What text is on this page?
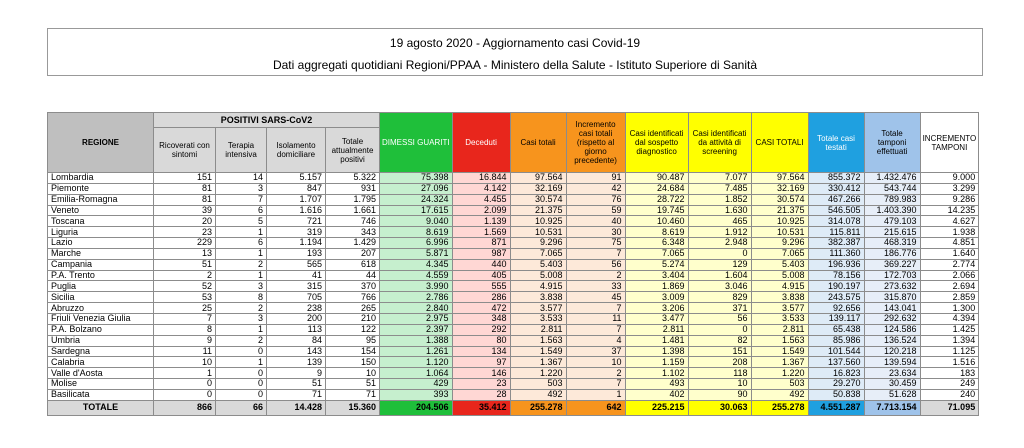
19 agosto 2020 - Aggiornamento casi Covid-19
Dati aggregati quotidiani Regioni/PPAA - Ministero della Salute - Istituto Superiore di Sanità
REGIONE	POSITIVI SARS-CoV2				DIMESSI GUARITI	Deceduti	Casi totali	Incremento casi totali (rispetto al giorno precedente)	Casi identificati dal sospetto diagnostico	Casi identificati da attività di screening	CASI TOTALI	Totale casi testati	Totale tamponi effettuati	INCREMENTO TAMPONI
	Ricoverati con sintomi	Terapia intensiva	Isolamento domiciliare	Totale attualmente positivi										
Lombardia	151	14	5.157	5.322	75.398	16.844	97.564	91	90.487	7.077	97.564	855.372	1.432.476	9.000
Piemonte	81	3	847	931	27.096	4.142	32.169	42	24.684	7.485	32.169	330.412	543.744	3.299
Emilia-Romagna	81	7	1.707	1.795	24.324	4.455	30.574	76	28.722	1.852	30.574	467.266	789.983	9.286
Veneto	39	6	1.616	1.661	17.615	2.099	21.375	59	19.745	1.630	21.375	546.505	1.403.390	14.235
Toscana	20	5	721	746	9.040	1.139	10.925	40	10.460	465	10.925	314.078	479.103	4.627
Liguria	23	1	319	343	8.619	1.569	10.531	30	8.619	1.912	10.531	115.811	215.615	1.938
Lazio	229	6	1.194	1.429	6.996	871	9.296	75	6.348	2.948	9.296	382.387	468.319	4.851
Marche	13	1	193	207	5.871	987	7.065	7	7.065	0	7.065	111.360	186.776	1.640
Campania	51	2	565	618	4.345	440	5.403	56	5.274	129	5.403	196.936	369.227	2.774
P.A. Trento	2	1	41	44	4.559	405	5.008	2	3.404	1.604	5.008	78.156	172.703	2.066
Puglia	52	3	315	370	3.990	555	4.915	33	1.869	3.046	4.915	190.197	273.632	2.694
Sicilia	53	8	705	766	2.786	286	3.838	45	3.009	829	3.838	243.575	315.870	2.859
Abruzzo	25	2	238	265	2.840	472	3.577	7	3.206	371	3.577	92.656	143.041	1.300
Friuli Venezia Giulia	7	3	200	210	2.975	348	3.533	11	3.477	56	3.533	139.117	292.632	4.394
P.A. Bolzano	8	1	113	122	2.397	292	2.811	7	2.811	0	2.811	65.438	124.586	1.425
Umbria	9	2	84	95	1.388	80	1.563	4	1.481	82	1.563	85.986	136.524	1.394
Sardegna	11	0	143	154	1.261	134	1.549	37	1.398	151	1.549	101.544	120.218	1.125
Calabria	10	1	139	150	1.120	97	1.367	10	1.159	208	1.367	137.560	139.594	1.516
Valle d'Aosta	1	0	9	10	1.064	146	1.220	2	1.102	118	1.220	16.823	23.634	183
Molise	0	0	51	51	429	23	503	7	493	10	503	29.270	30.459	249
Basilicata	0	0	71	71	393	28	492	1	402	90	492	50.838	51.628	240
TOTALE	866	66	14.428	15.360	204.506	35.412	255.278	642	225.215	30.063	255.278	4.551.287	7.713.154	71.095
